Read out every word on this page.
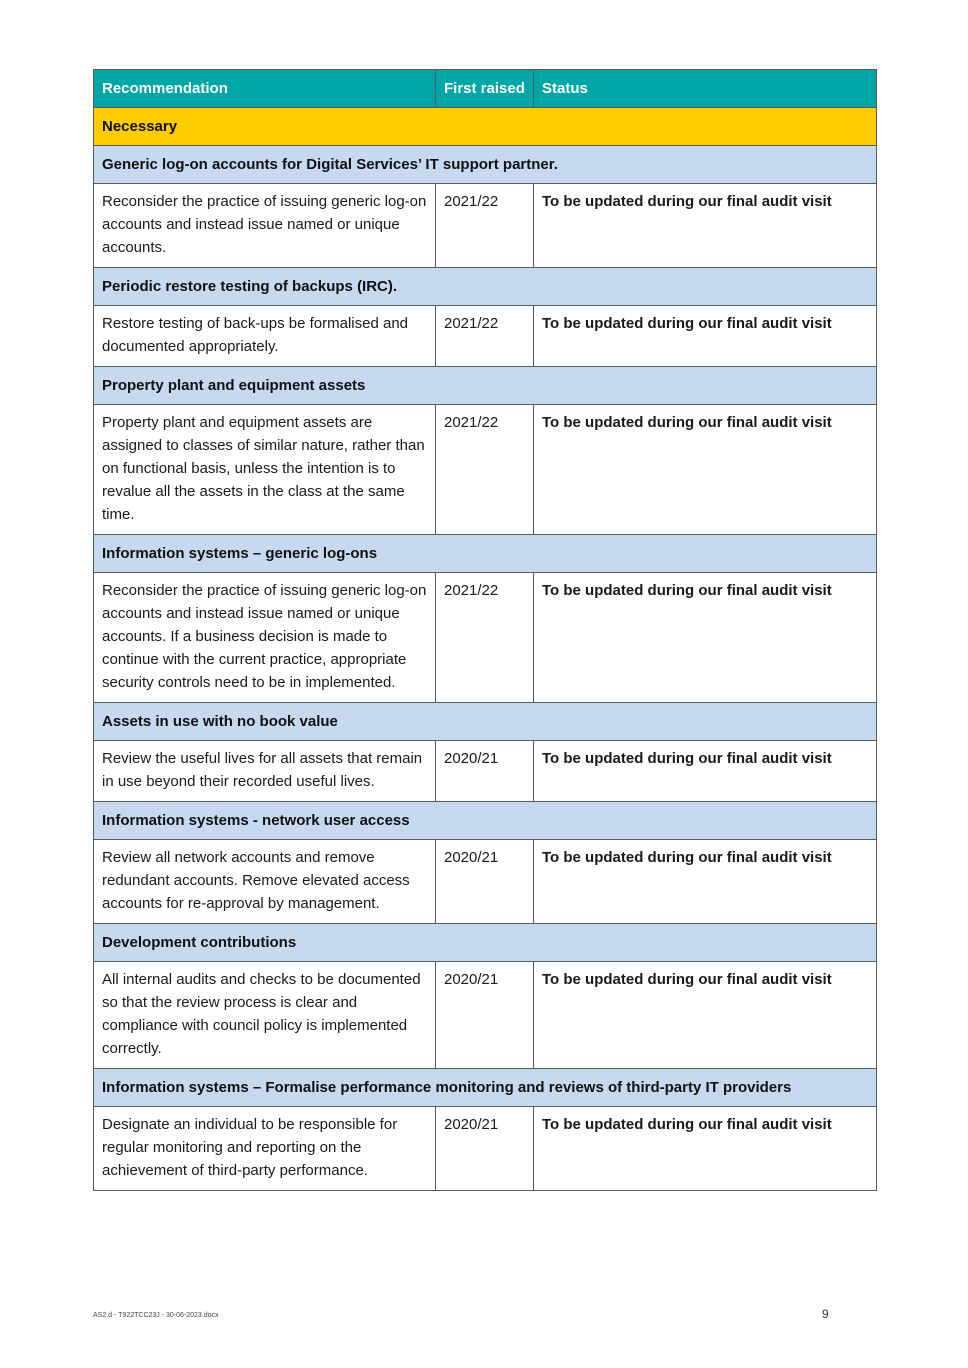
Recommendation	First raised	Status
Necessary		
Generic log-on accounts for Digital Services’ IT support partner.		
Reconsider the practice of issuing generic log-on accounts and instead issue named or unique accounts.	2021/22	To be updated during our final audit visit
Periodic restore testing of backups (IRC).		
Restore testing of back-ups be formalised and documented appropriately.	2021/22	To be updated during our final audit visit
Property plant and equipment assets		
Property plant and equipment assets are assigned to classes of similar nature, rather than on functional basis, unless the intention is to revalue all the assets in the class at the same time.	2021/22	To be updated during our final audit visit
Information systems – generic log-ons		
Reconsider the practice of issuing generic log-on accounts and instead issue named or unique accounts. If a business decision is made to continue with the current practice, appropriate security controls need to be in implemented.	2021/22	To be updated during our final audit visit
Assets in use with no book value		
Review the useful lives for all assets that remain in use beyond their recorded useful lives.	2020/21	To be updated during our final audit visit
Information systems - network user access		
Review all network accounts and remove redundant accounts. Remove elevated access accounts for re-approval by management.	2020/21	To be updated during our final audit visit
Development contributions		
All internal audits and checks to be documented so that the review process is clear and compliance with council policy is implemented correctly.	2020/21	To be updated during our final audit visit
Information systems – Formalise performance monitoring and reviews of third-party IT providers		
Designate an individual to be responsible for regular monitoring and reporting on the achievement of third-party performance.	2020/21	To be updated during our final audit visit
AS2.d - T922TCC23J - 30-06-2023.docx	9
